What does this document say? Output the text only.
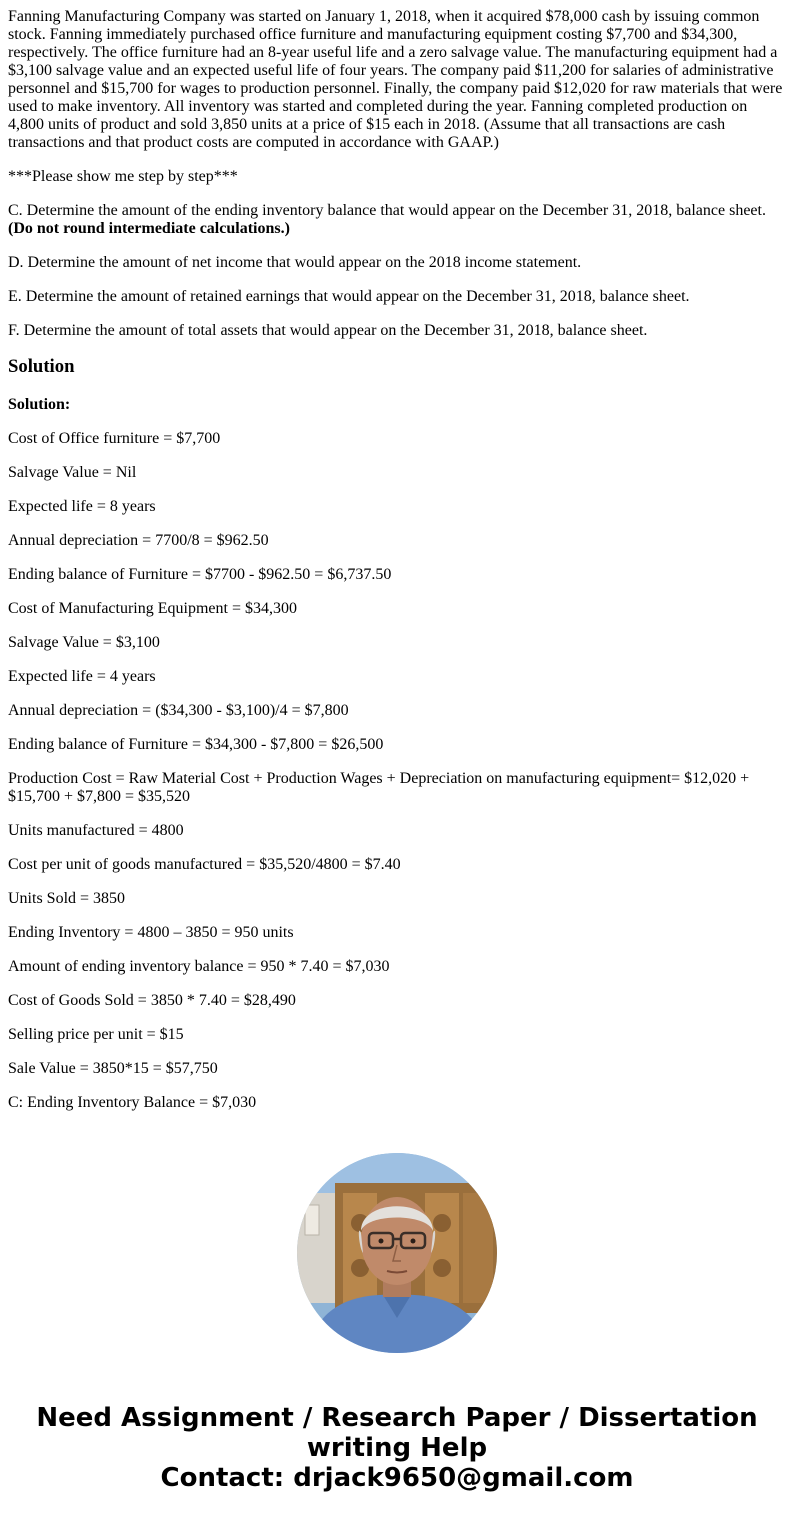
Fanning Manufacturing Company was started on January 1, 2018, when it acquired $78,000 cash by issuing common stock. Fanning immediately purchased office furniture and manufacturing equipment costing $7,700 and $34,300, respectively. The office furniture had an 8-year useful life and a zero salvage value. The manufacturing equipment had a $3,100 salvage value and an expected useful life of four years. The company paid $11,200 for salaries of administrative personnel and $15,700 for wages to production personnel. Finally, the company paid $12,020 for raw materials that were used to make inventory. All inventory was started and completed during the year. Fanning completed production on 4,800 units of product and sold 3,850 units at a price of $15 each in 2018. (Assume that all transactions are cash transactions and that product costs are computed in accordance with GAAP.)

***Please show me step by step***

C. Determine the amount of the ending inventory balance that would appear on the December 31, 2018, balance sheet. (Do not round intermediate calculations.)

D. Determine the amount of net income that would appear on the 2018 income statement.

E. Determine the amount of retained earnings that would appear on the December 31, 2018, balance sheet.

F. Determine the amount of total assets that would appear on the December 31, 2018, balance sheet.

Solution

Solution:

Cost of Office furniture = $7,700

Salvage Value = Nil

Expected life = 8 years

Annual depreciation = 7700/8 = $962.50

Ending balance of Furniture = $7700 - $962.50 = $6,737.50

Cost of Manufacturing Equipment = $34,300

Salvage Value = $3,100

Expected life = 4 years

Annual depreciation = ($34,300 - $3,100)/4 = $7,800

Ending balance of Furniture = $34,300 - $7,800 = $26,500

Production Cost = Raw Material Cost + Production Wages + Depreciation on manufacturing equipment= $12,020 + $15,700 + $7,800 = $35,520

Units manufactured = 4800

Cost per unit of goods manufactured = $35,520/4800 = $7.40

Units Sold = 3850

Ending Inventory = 4800 – 3850 = 950 units

Amount of ending inventory balance = 950 * 7.40 = $7,030

Cost of Goods Sold = 3850 * 7.40 = $28,490

Selling price per unit = $15

Sale Value = 3850*15 = $57,750

C: Ending Inventory Balance = $7,030

Need Assignment / Research Paper / Dissertation
writing Help
Contact: drjack9650@gmail.com
